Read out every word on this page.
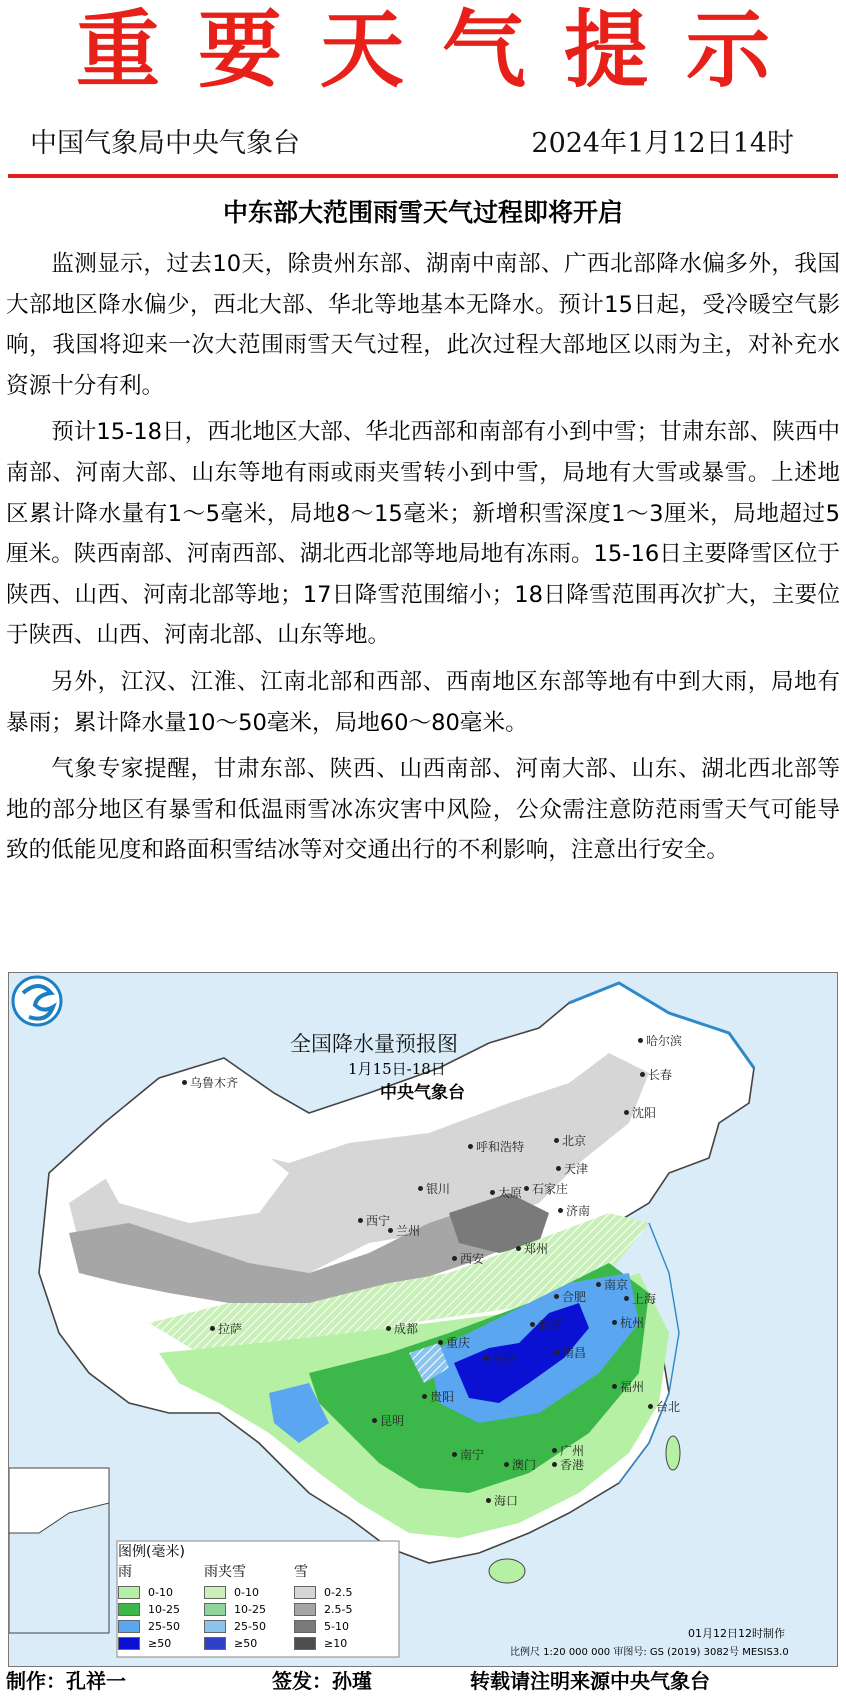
重要天气提示
中国气象局中央气象台	2024年1月12日14时
中东部大范围雨雪天气过程即将开启

监测显示，过去10天，除贵州东部、湖南中南部、广西北部降水偏多外，我国大部地区降水偏少，西北大部、华北等地基本无降水。预计15日起，受冷暖空气影响，我国将迎来一次大范围雨雪天气过程，此次过程大部地区以雨为主，对补充水资源十分有利。

预计15-18日，西北地区大部、华北西部和南部有小到中雪；甘肃东部、陕西中南部、河南大部、山东等地有雨或雨夹雪转小到中雪，局地有大雪或暴雪。上述地区累计降水量有1～5毫米，局地8～15毫米；新增积雪深度1～3厘米，局地超过5厘米。陕西南部、河南西部、湖北西北部等地局地有冻雨。15-16日主要降雪区位于陕西、山西、河南北部等地；17日降雪范围缩小；18日降雪范围再次扩大，主要位于陕西、山西、河南北部、山东等地。

另外，江汉、江淮、江南北部和西部、西南地区东部等地有中到大雨，局地有暴雨；累计降水量10～50毫米，局地60～80毫米。

气象专家提醒，甘肃东部、陕西、山西南部、河南大部、山东、湖北西北部等地的部分地区有暴雪和低温雨雪冰冻灾害中风险，公众需注意防范雨雪天气可能导致的低能见度和路面积雪结冰等对交通出行的不利影响，注意出行安全。

全国降水量预报图
1月15日-18日
中央气象台
乌鲁木齐
哈尔滨
长春
沈阳
北京
天津
呼和浩特
石家庄
太原
济南
银川
西宁
兰州
郑州
西安
合肥
南京
上海
杭州
武汉
成都
重庆
长沙	南昌
福州
贵阳
昆明
南宁	广州
澳门 香港
台北
海口
拉萨
图例(毫米)
雨	雨夹雪	雪
0-10
10-25
25-50
≥50
0-10
10-25
25-50
≥50
0-2.5
2.5-5
5-10
≥10
01月12日12时制作
比例尺 1:20 000 000 审图号: GS (2019) 3082号 MESIS3.0
制作：孔祥一	签发：孙瑾	转载请注明来源中央气象台
